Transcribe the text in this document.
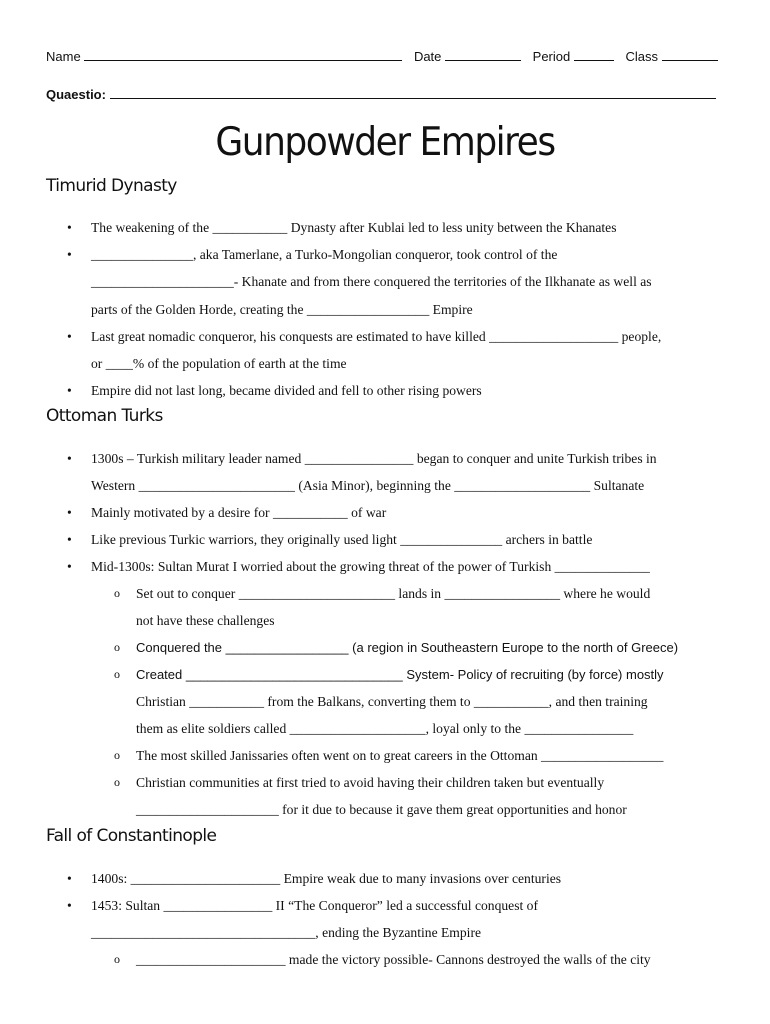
Name	Date	Period	Class
Quaestio:
Gunpowder Empires
Timurid Dynasty
• The weakening of the ___________ Dynasty after Kublai led to less unity between the Khanates
• _______________, aka Tamerlane, a Turko-Mongolian conqueror, took control of the
_____________________- Khanate and from there conquered the territories of the Ilkhanate as well as
parts of the Golden Horde, creating the __________________ Empire
• Last great nomadic conqueror, his conquests are estimated to have killed ___________________ people,
or ____% of the population of earth at the time
• Empire did not last long, became divided and fell to other rising powers
Ottoman Turks
• 1300s – Turkish military leader named ________________ began to conquer and unite Turkish tribes in
Western _______________________ (Asia Minor), beginning the ____________________ Sultanate
• Mainly motivated by a desire for ___________ of war
• Like previous Turkic warriors, they originally used light _______________ archers in battle
• Mid-1300s: Sultan Murat I worried about the growing threat of the power of Turkish ______________
o Set out to conquer _______________________ lands in _________________ where he would
not have these challenges
o Conquered the _________________ (a region in Southeastern Europe to the north of Greece)
o Created ______________________________ System- Policy of recruiting (by force) mostly
Christian ___________ from the Balkans, converting them to ___________, and then training
them as elite soldiers called ____________________, loyal only to the ________________
o The most skilled Janissaries often went on to great careers in the Ottoman __________________
o Christian communities at first tried to avoid having their children taken but eventually
_____________________ for it due to because it gave them great opportunities and honor
Fall of Constantinople
• 1400s: ______________________ Empire weak due to many invasions over centuries
• 1453: Sultan ________________ II “The Conqueror” led a successful conquest of
_________________________________, ending the Byzantine Empire
o ______________________ made the victory possible- Cannons destroyed the walls of the city
